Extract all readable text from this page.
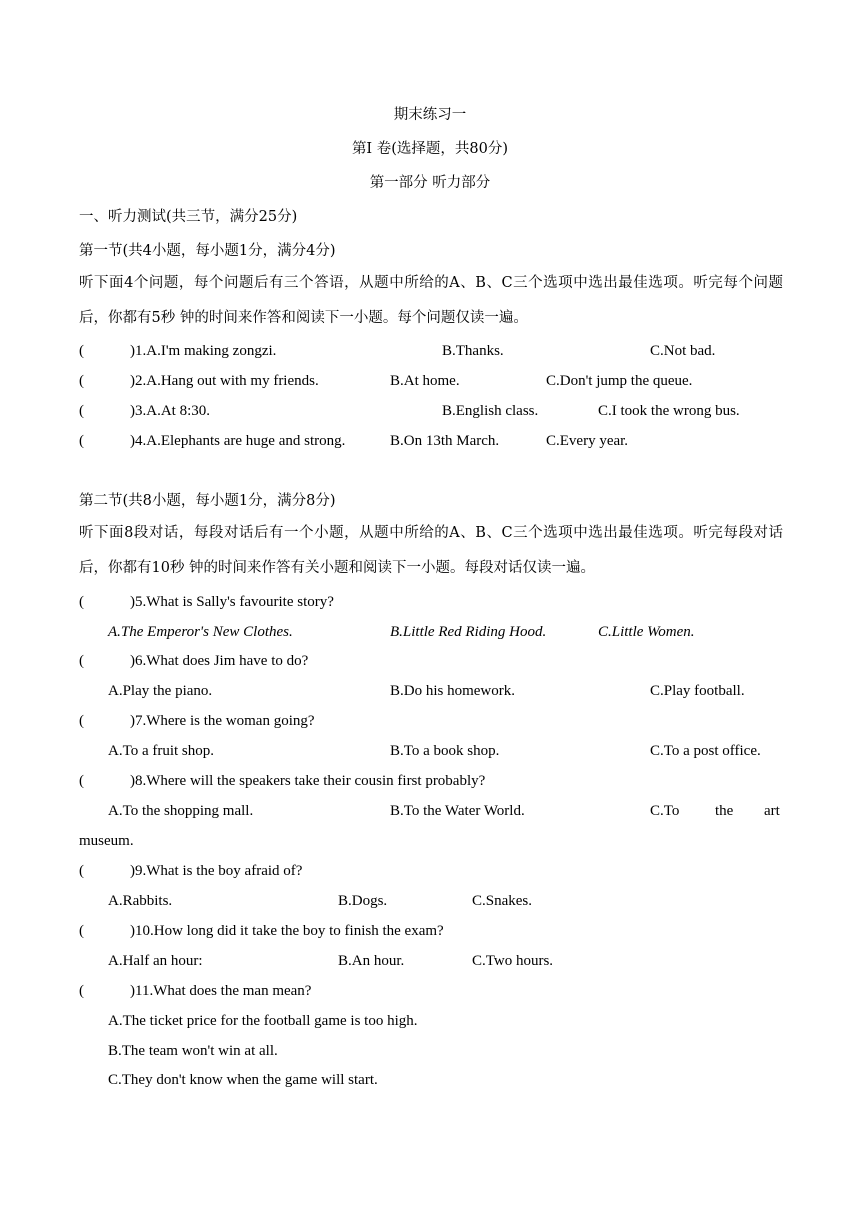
期末练习一
第I 卷(选择题，共80分)
第一部分 听力部分
一、听力测试(共三节，满分25分)
第一节(共4小题，每小题1分，满分4分)
听下面4个问题，每个问题后有三个答语，从题中所给的A、B、C三个选项中选出最佳选项。听完每个问题后，你都有5秒 钟的时间来作答和阅读下一小题。每个问题仅读一遍。
(	)1.A.I'm making zongzi.	B.Thanks.	C.Not bad.
(	)2.A.Hang out with my friends.	B.At home.	C.Don't jump the queue.
(	)3.A.At 8:30.	B.English class.	C.I took the wrong bus.
(	)4.A.Elephants are huge and strong.	B.On 13th March.	C.Every year.
第二节(共8小题，每小题1分，满分8分)
听下面8段对话，每段对话后有一个小题，从题中所给的A、B、C三个选项中选出最佳选项。听完每段对话后，你都有10秒 钟的时间来作答有关小题和阅读下一小题。每段对话仅读一遍。
(	)5.What is Sally's favourite story?
A.The Emperor's New Clothes.	B.Little Red Riding Hood.	C.Little Women.
(	)6.What does Jim have to do?
A.Play the piano.	B.Do his homework.	C.Play football.
(	)7.Where is the woman going?
A.To a fruit shop.	B.To a book shop.	C.To a post office.
(	)8.Where will the speakers take their cousin first probably?
A.To the shopping mall.	B.To the Water World.	C.To the art
museum.
(	)9.What is the boy afraid of?
A.Rabbits.	B.Dogs.	C.Snakes.
(	)10.How long did it take the boy to finish the exam?
A.Half an hour:	B.An hour.	C.Two hours.
(	)11.What does the man mean?
A.The ticket price for the football game is too high.
B.The team won't win at all.
C.They don't know when the game will start.
